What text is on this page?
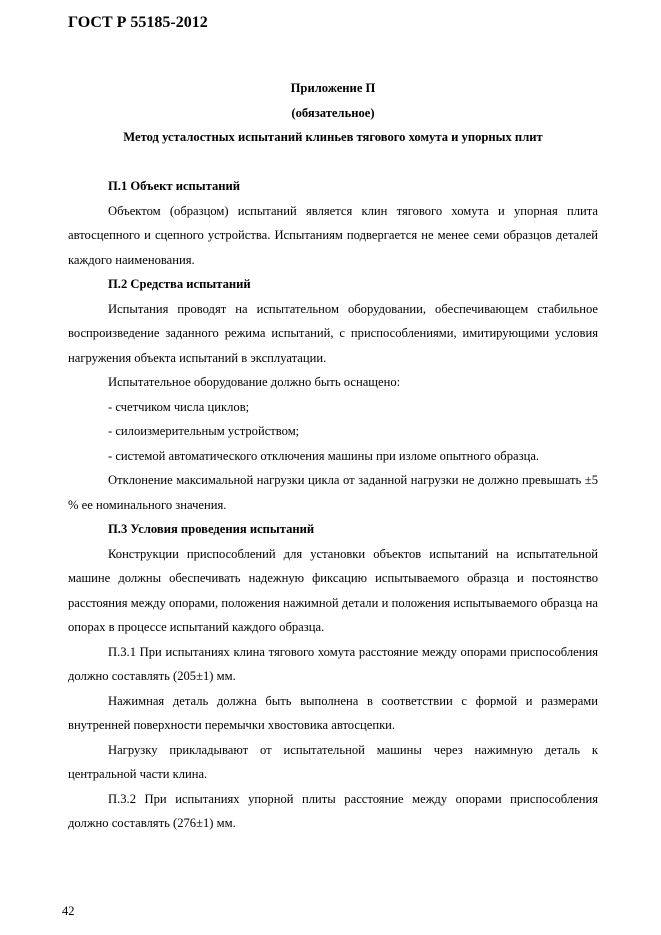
ГОСТ Р 55185-2012
Приложение П
(обязательное)
Метод усталостных испытаний клиньев тягового хомута и упорных плит

П.1 Объект испытаний

Объектом (образцом) испытаний является клин тягового хомута и упорная плита автосцепного и сцепного устройства. Испытаниям подвергается не менее семи образцов деталей каждого наименования.

П.2 Средства испытаний

Испытания проводят на испытательном оборудовании, обеспечивающем стабильное воспроизведение заданного режима испытаний, с приспособлениями, имитирующими условия нагружения объекта испытаний в эксплуатации.

Испытательное оборудование должно быть оснащено:

- счетчиком числа циклов;

- силоизмерительным устройством;

- системой автоматического отключения машины при изломе опытного образца.

Отклонение максимальной нагрузки цикла от заданной нагрузки не должно превышать ±5 % ее номинального значения.

П.3 Условия проведения испытаний

Конструкции приспособлений для установки объектов испытаний на испытательной машине должны обеспечивать надежную фиксацию испытываемого образца и постоянство расстояния между опорами, положения нажимной детали и положения испытываемого образца на опорах в процессе испытаний каждого образца.

П.3.1 При испытаниях клина тягового хомута расстояние между опорами приспособления должно составлять (205±1) мм.

Нажимная деталь должна быть выполнена в соответствии с формой и размерами внутренней поверхности перемычки хвостовика автосцепки.

Нагрузку прикладывают от испытательной машины через нажимную деталь к центральной части клина.

П.3.2 При испытаниях упорной плиты расстояние между опорами приспособления должно составлять (276±1) мм.

42
